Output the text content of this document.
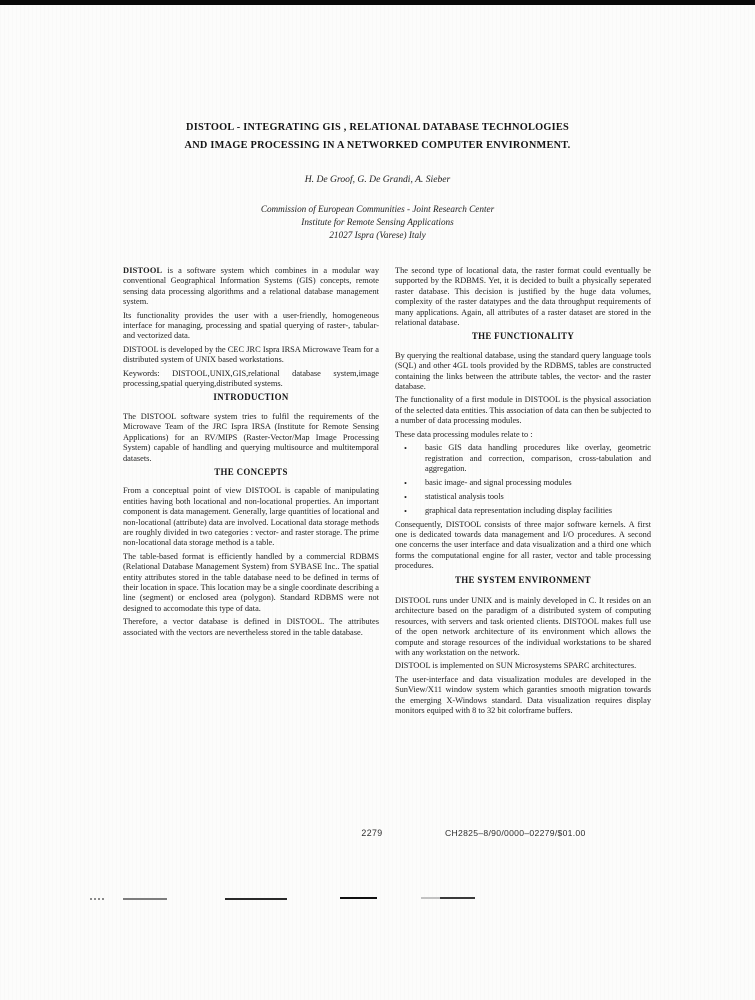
DISTOOL - INTEGRATING GIS , RELATIONAL DATABASE TECHNOLOGIES
AND IMAGE PROCESSING IN A NETWORKED COMPUTER ENVIRONMENT.
H. De Groof, G. De Grandi, A. Sieber
Commission of European Communities - Joint Research Center
Institute for Remote Sensing Applications
21027 Ispra (Varese) Italy

DISTOOL is a software system which combines in a modular way conventional Geographical Information Systems (GIS) concepts, remote sensing data processing algorithms and a relational database management system.

Its functionality provides the user with a user-friendly, homogeneous interface for managing, processing and spatial querying of raster-, tabular- and vectorized data.

DISTOOL is developed by the CEC JRC Ispra IRSA Microwave Team for a distributed system of UNIX based workstations.

Keywords: DISTOOL,UNIX,GIS,relational database system,image processing,spatial querying,distributed systems.

INTRODUCTION

The DISTOOL software system tries to fulfil the requirements of the Microwave Team of the JRC Ispra IRSA (Institute for Remote Sensing Applications) for an RV/MIPS (Raster-Vector/Map Image Processing System) capable of handling and querying multisource and multitemporal datasets.

THE CONCEPTS

From a conceptual point of view DISTOOL is capable of manipulating entities having both locational and non-locational properties. An important component is data management. Generally, large quantities of locational and non-locational (attribute) data are involved. Locational data storage methods are roughly divided in two categories : vector- and raster storage. The prime non-locational data storage method is a table.

The table-based format is efficiently handled by a commercial RDBMS (Relational Database Management System) from SYBASE Inc.. The spatial entity attributes stored in the table database need to be defined in terms of their location in space. This location may be a single coordinate describing a line (segment) or enclosed area (polygon). Standard RDBMS were not designed to accomodate this type of data.

Therefore, a vector database is defined in DISTOOL. The attributes associated with the vectors are nevertheless stored in the table database.

The second type of locational data, the raster format could eventually be supported by the RDBMS. Yet, it is decided to built a physically seperated raster database. This decision is justified by the huge data volumes, complexity of the raster datatypes and the data throughput requirements of many applications. Again, all attributes of a raster dataset are stored in the relational database.

THE FUNCTIONALITY

By querying the realtional database, using the standard query language tools (SQL) and other 4GL tools provided by the RDBMS, tables are constructed containing the links between the attribute tables, the vector- and the raster database.

The functionality of a first module in DISTOOL is the physical association of the selected data entities. This association of data can then be subjected to a number of data processing modules.

These data processing modules relate to :

• basic GIS data handling procedures like overlay, geometric registration and correction, comparison, cross-tabulation and aggregation.
• basic image- and signal processing modules
• statistical analysis tools
• graphical data representation including display facilities

Consequently, DISTOOL consists of three major software kernels. A first one is dedicated towards data management and I/O procedures. A second one concerns the user interface and data visualization and a third one which forms the computational engine for all raster, vector and table processing procedures.

THE SYSTEM ENVIRONMENT

DISTOOL runs under UNIX and is mainly developed in C. It resides on an architecture based on the paradigm of a distributed system of computing resources, with servers and task oriented clients. DISTOOL makes full use of the open network architecture of its environment which allows the compute and storage resources of the individual workstations to be shared with any workstation on the network.

DISTOOL is implemented on SUN Microsystems SPARC architectures.

The user-interface and data visualization modules are developed in the SunView/X11 window system which garanties smooth migration towards the emerging X-Windows standard. Data visualization requires display monitors equiped with 8 to 32 bit colorframe buffers.

2279	CH2825–8/90/0000–02279/$01.00
